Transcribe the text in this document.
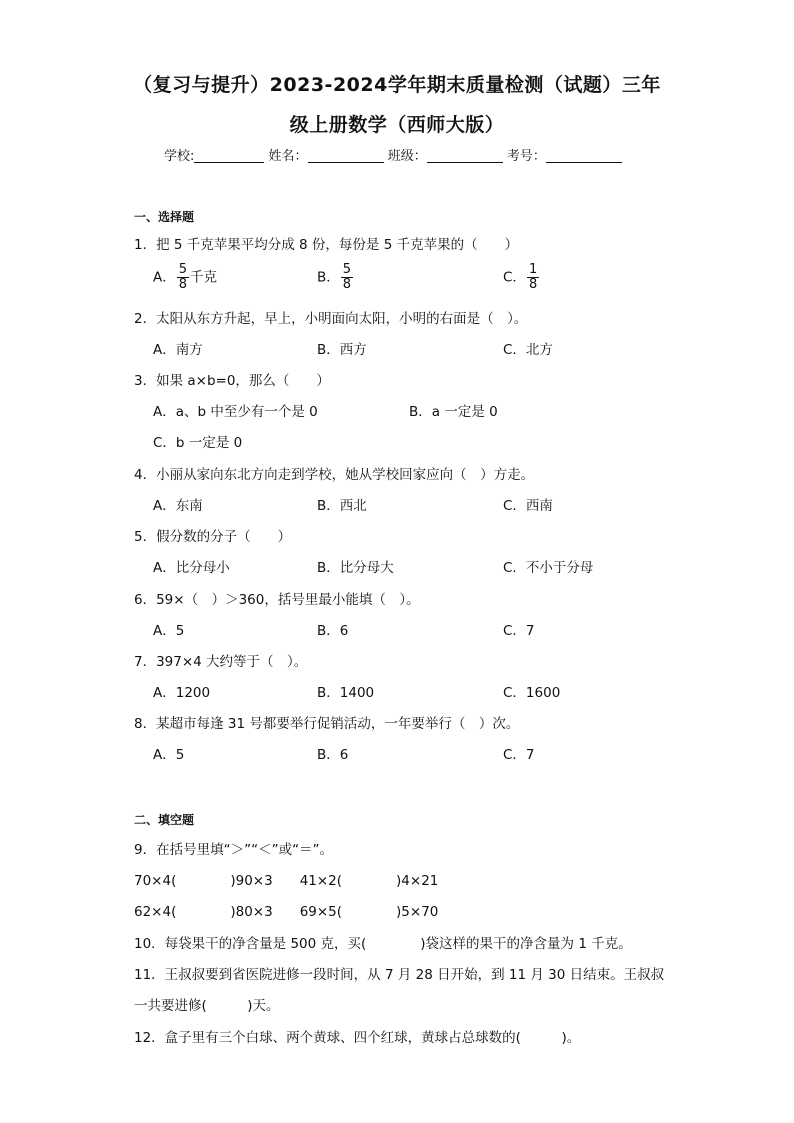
（复习与提升）2023-2024学年期末质量检测（试题）三年
级上册数学（西师大版）
学校:	姓名：	班级：	考号：
一、选择题
1．把 5 千克苹果平均分成 8 份，每份是 5 千克苹果的（　　）
A． $\frac{5}{8}$ 千克	B． $\frac{5}{8}$	C． $\frac{1}{8}$
2．太阳从东方升起，早上，小明面向太阳，小明的右面是（　）。
A．南方	B．西方	C．北方
3．如果 a×b=0，那么（　　）
A．a、b 中至少有一个是 0	B．a 一定是 0
C．b 一定是 0
4．小丽从家向东北方向走到学校，她从学校回家应向（　）方走。
A．东南	B．西北	C．西南
5．假分数的分子（　　）
A．比分母小	B．比分母大	C．不小于分母
6．59×（　）＞360，括号里最小能填（　）。
A．5	B．6	C．7
7．397×4 大约等于（　）。
A．1200	B．1400	C．1600
8．某超市每逢 31 号都要举行促销活动，一年要举行（　）次。
A．5	B．6	C．7
二、填空题
9．在括号里填“＞”“＜”或“＝”。
70×4(　　　　)90×3　　41×2(　　　　)4×21
62×4(　　　　)80×3　　69×5(　　　　)5×70
10．每袋果干的净含量是 500 克，买(　　　　)袋这样的果干的净含量为 1 千克。
11．王叔叔要到省医院进修一段时间，从 7 月 28 日开始，到 11 月 30 日结束。王叔叔
一共要进修(　　　)天。
12．盒子里有三个白球、两个黄球、四个红球，黄球占总球数的(　　　)。
